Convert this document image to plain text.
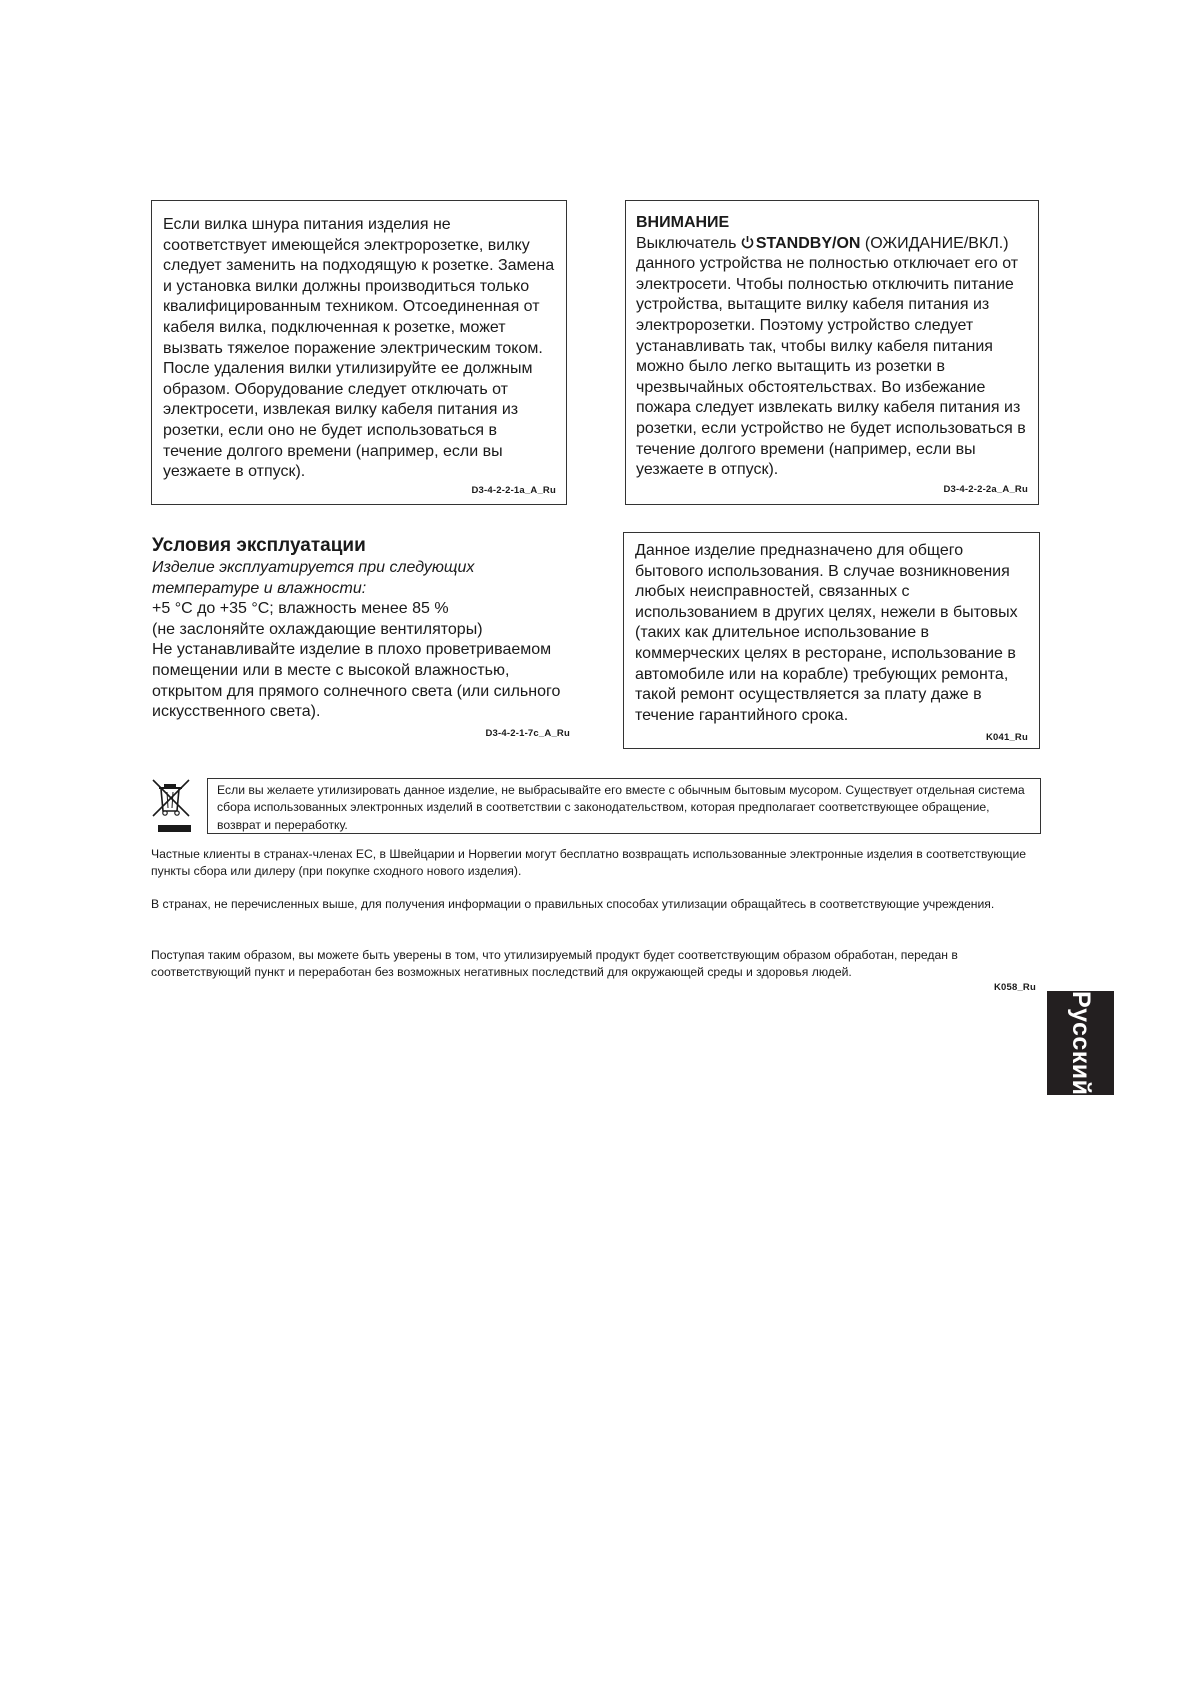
Если вилка шнура питания изделия не соответствует имеющейся электророзетке, вилку следует заменить на подходящую к розетке. Замена и установка вилки должны производиться только квалифицированным техником. Отсоединенная от кабеля вилка, подключенная к розетке, может вызвать тяжелое поражение электрическим током. После удаления вилки утилизируйте ее должным образом. Оборудование следует отключать от электросети, извлекая вилку кабеля питания из розетки, если оно не будет использоваться в течение долгого времени (например, если вы уезжаете в отпуск).

D3-4-2-2-1a_A_Ru

ВНИМАНИЕ

Выключатель STANDBY/ON (ОЖИДАНИЕ/ВКЛ.) данного устройства не полностью отключает его от электросети. Чтобы полностью отключить питание устройства, вытащите вилку кабеля питания из электророзетки. Поэтому устройство следует устанавливать так, чтобы вилку кабеля питания можно было легко вытащить из розетки в чрезвычайных обстоятельствах. Во избежание пожара следует извлекать вилку кабеля питания из розетки, если устройство не будет использоваться в течение долгого времени (например, если вы уезжаете в отпуск).

D3-4-2-2-2a_A_Ru
Условия эксплуатации

Изделие эксплуатируется при следующих температуре и влажности:

+5 °C до +35 °C; влажность менее 85 %

(не заслоняйте охлаждающие вентиляторы)

Не устанавливайте изделие в плохо проветриваемом помещении или в месте с высокой влажностью, открытом для прямого солнечного света (или сильного искусственного света).

D3-4-2-1-7c_A_Ru

Данное изделие предназначено для общего бытового использования. В случае возникновения любых неисправностей, связанных с использованием в других целях, нежели в бытовых (таких как длительное использование в коммерческих целях в ресторане, использование в автомобиле или на корабле) требующих ремонта, такой ремонт осуществляется за плату даже в течение гарантийного срока.

K041_Ru

Если вы желаете утилизировать данное изделие, не выбрасывайте его вместе с обычным бытовым мусором. Существует отдельная система сбора использованных электронных изделий в соответствии с законодательством, которая предполагает соответствующее обращение, возврат и переработку.

Частные клиенты в странах-членах ЕС, в Швейцарии и Норвегии могут бесплатно возвращать использованные электронные изделия в соответствующие пункты сбора или дилеру (при покупке сходного нового изделия).

В странах, не перечисленных выше, для получения информации о правильных способах утилизации обращайтесь в соответствующие учреждения.

Поступая таким образом, вы можете быть уверены в том, что утилизируемый продукт будет соответствующим образом обработан, передан в соответствующий пункт и переработан без возможных негативных последствий для окружающей среды и здоровья людей.

K058_Ru
Русский
